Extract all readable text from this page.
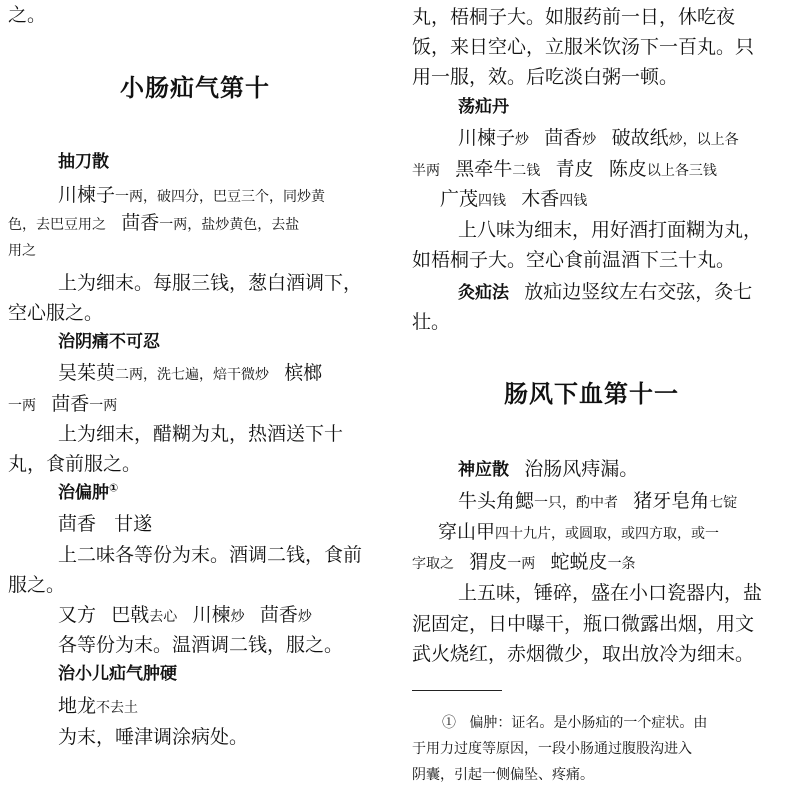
之。
小肠疝气第十
抽刀散
川楝子一两，破四分，巴豆三个，同炒黄
色，去巴豆用之 茴香一两，盐炒黄色，去盐
用之
上为细末。每服三钱，葱白酒调下，
空心服之。
治阴痛不可忍
吴茱萸二两，洗七遍，焙干微炒 槟榔
一两 茴香一两
上为细末，醋糊为丸，热酒送下十
丸，食前服之。
治偏肿①
茴香 甘遂
上二味各等份为末。酒调二钱，食前
服之。
又方 巴戟去心 川楝炒 茴香炒
各等份为末。温酒调二钱，服之。
治小儿疝气肿硬
地龙不去土
为末，唾津调涂病处。
丸，梧桐子大。如服药前一日，休吃夜
饭，来日空心，立服米饮汤下一百丸。只
用一服，效。后吃淡白粥一顿。
荡疝丹
川楝子炒 茴香炒 破故纸炒，以上各
半两 黑牵牛二钱 青皮 陈皮以上各三钱
广茂四钱 木香四钱
上八味为细末，用好酒打面糊为丸，
如梧桐子大。空心食前温酒下三十丸。
灸疝法 放疝边竖纹左右交弦，灸七
壮。
肠风下血第十一
神应散 治肠风痔漏。
牛头角鰓一只，酌中者 猪牙皂角七锭
穿山甲四十九片，或圆取，或四方取，或一
字取之 猬皮一两 蛇蜕皮一条
上五味，锤碎，盛在小口瓷器内，盐
泥固定，日中曝干，瓶口微露出烟，用文
武火烧红，赤烟微少，取出放冷为细末。
① 偏肿：证名。是小肠疝的一个症状。由
于用力过度等原因，一段小肠通过腹股沟进入
阴囊，引起一侧偏坠、疼痛。
